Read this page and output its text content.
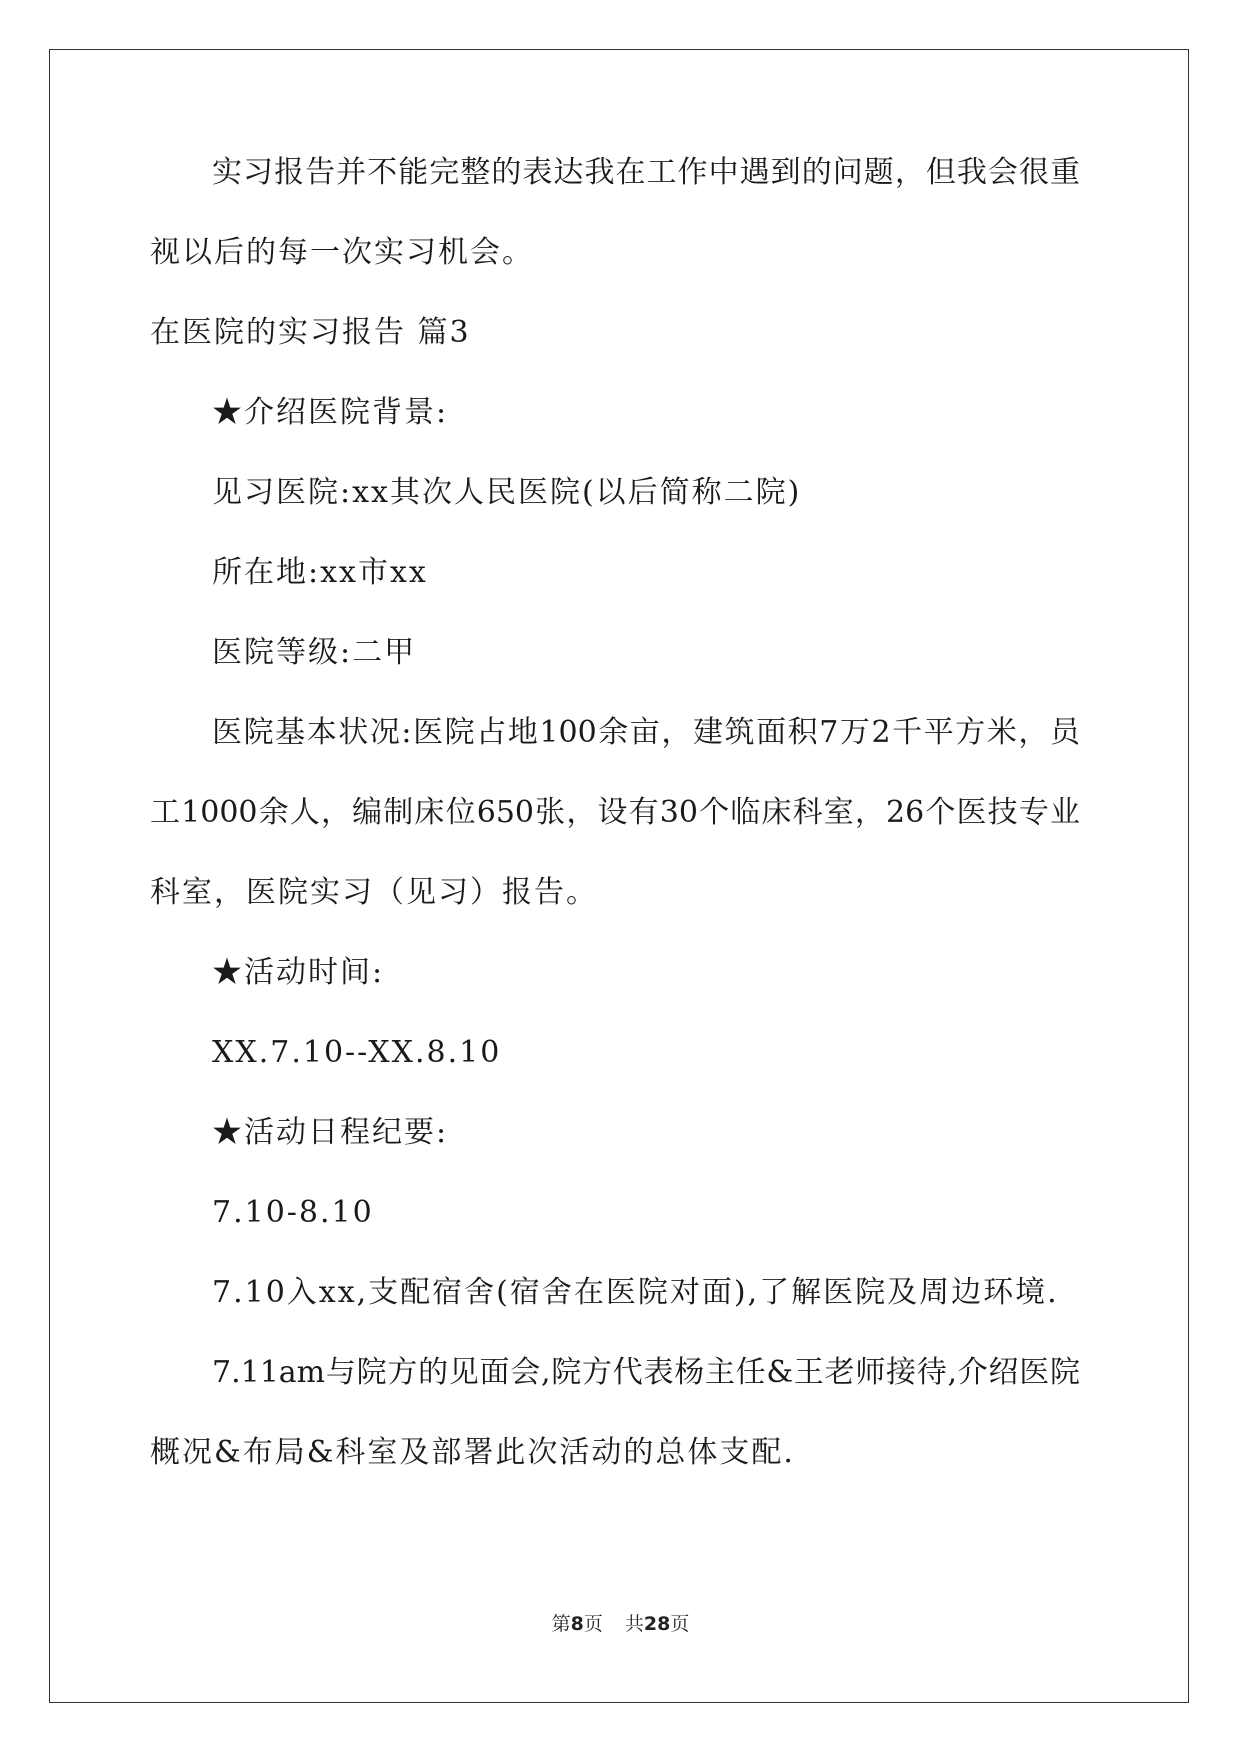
实习报告并不能完整的表达我在工作中遇到的问题，但我会很重
视以后的每一次实习机会。
在医院的实习报告 篇3
★介绍医院背景:
见习医院:xx其次人民医院(以后简称二院)
所在地:xx市xx
医院等级:二甲
医院基本状况:医院占地100余亩，建筑面积7万2千平方米，员
工1000余人，编制床位650张，设有30个临床科室，26个医技专业
科室，医院实习（见习）报告。
★活动时间:
XX.7.10--XX.8.10
★活动日程纪要:
7.10-8.10
7.10入xx,支配宿舍(宿舍在医院对面),了解医院及周边环境.
7.11am与院方的见面会,院方代表杨主任&王老师接待,介绍医院
概况&布局&科室及部署此次活动的总体支配.
第8页 共28页
